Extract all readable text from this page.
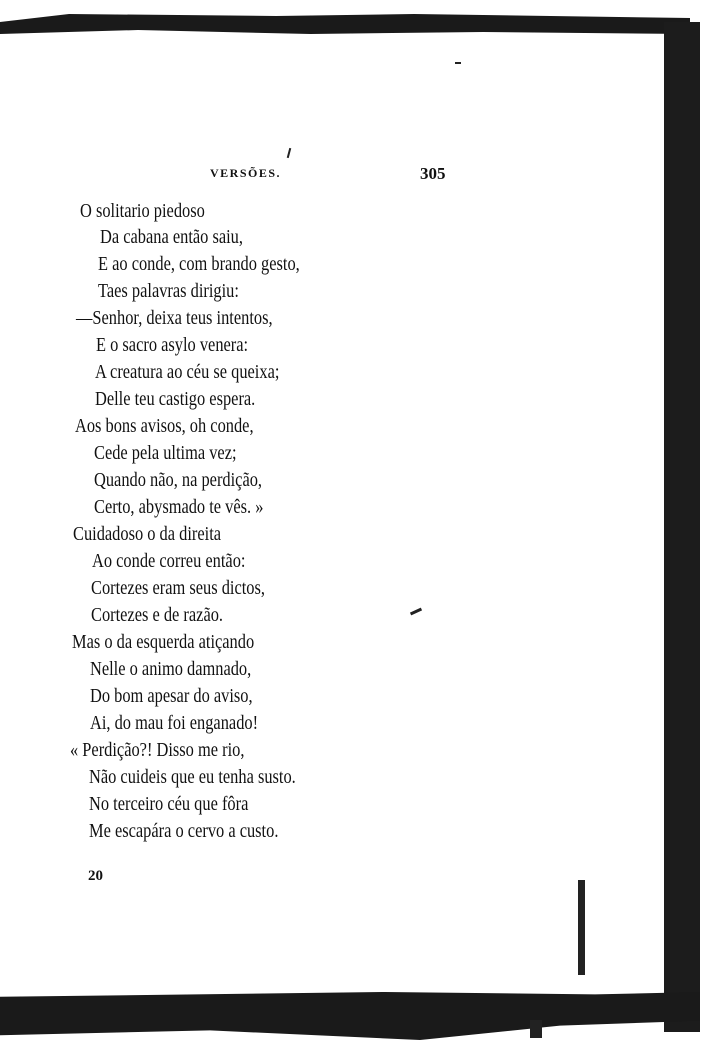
VERSÕES.	305
O solitario piedoso
Da cabana então saiu,
E ao conde, com brando gesto,
Taes palavras dirigiu:
—Senhor, deixa teus intentos,
E o sacro asylo venera:
A creatura ao céu se queixa;
Delle teu castigo espera.
Aos bons avisos, oh conde,
Cede pela ultima vez;
Quando não, na perdição,
Certo, abysmado te vês. »
Cuidadoso o da direita
Ao conde correu então:
Cortezes eram seus dictos,
Cortezes e de razão.
Mas o da esquerda atiçando
Nelle o animo damnado,
Do bom apesar do aviso,
Ai, do mau foi enganado!
« Perdição?! Disso me rio,
Não cuideis que eu tenha susto.
No terceiro céu que fôra
Me escapára o cervo a custo.
20
